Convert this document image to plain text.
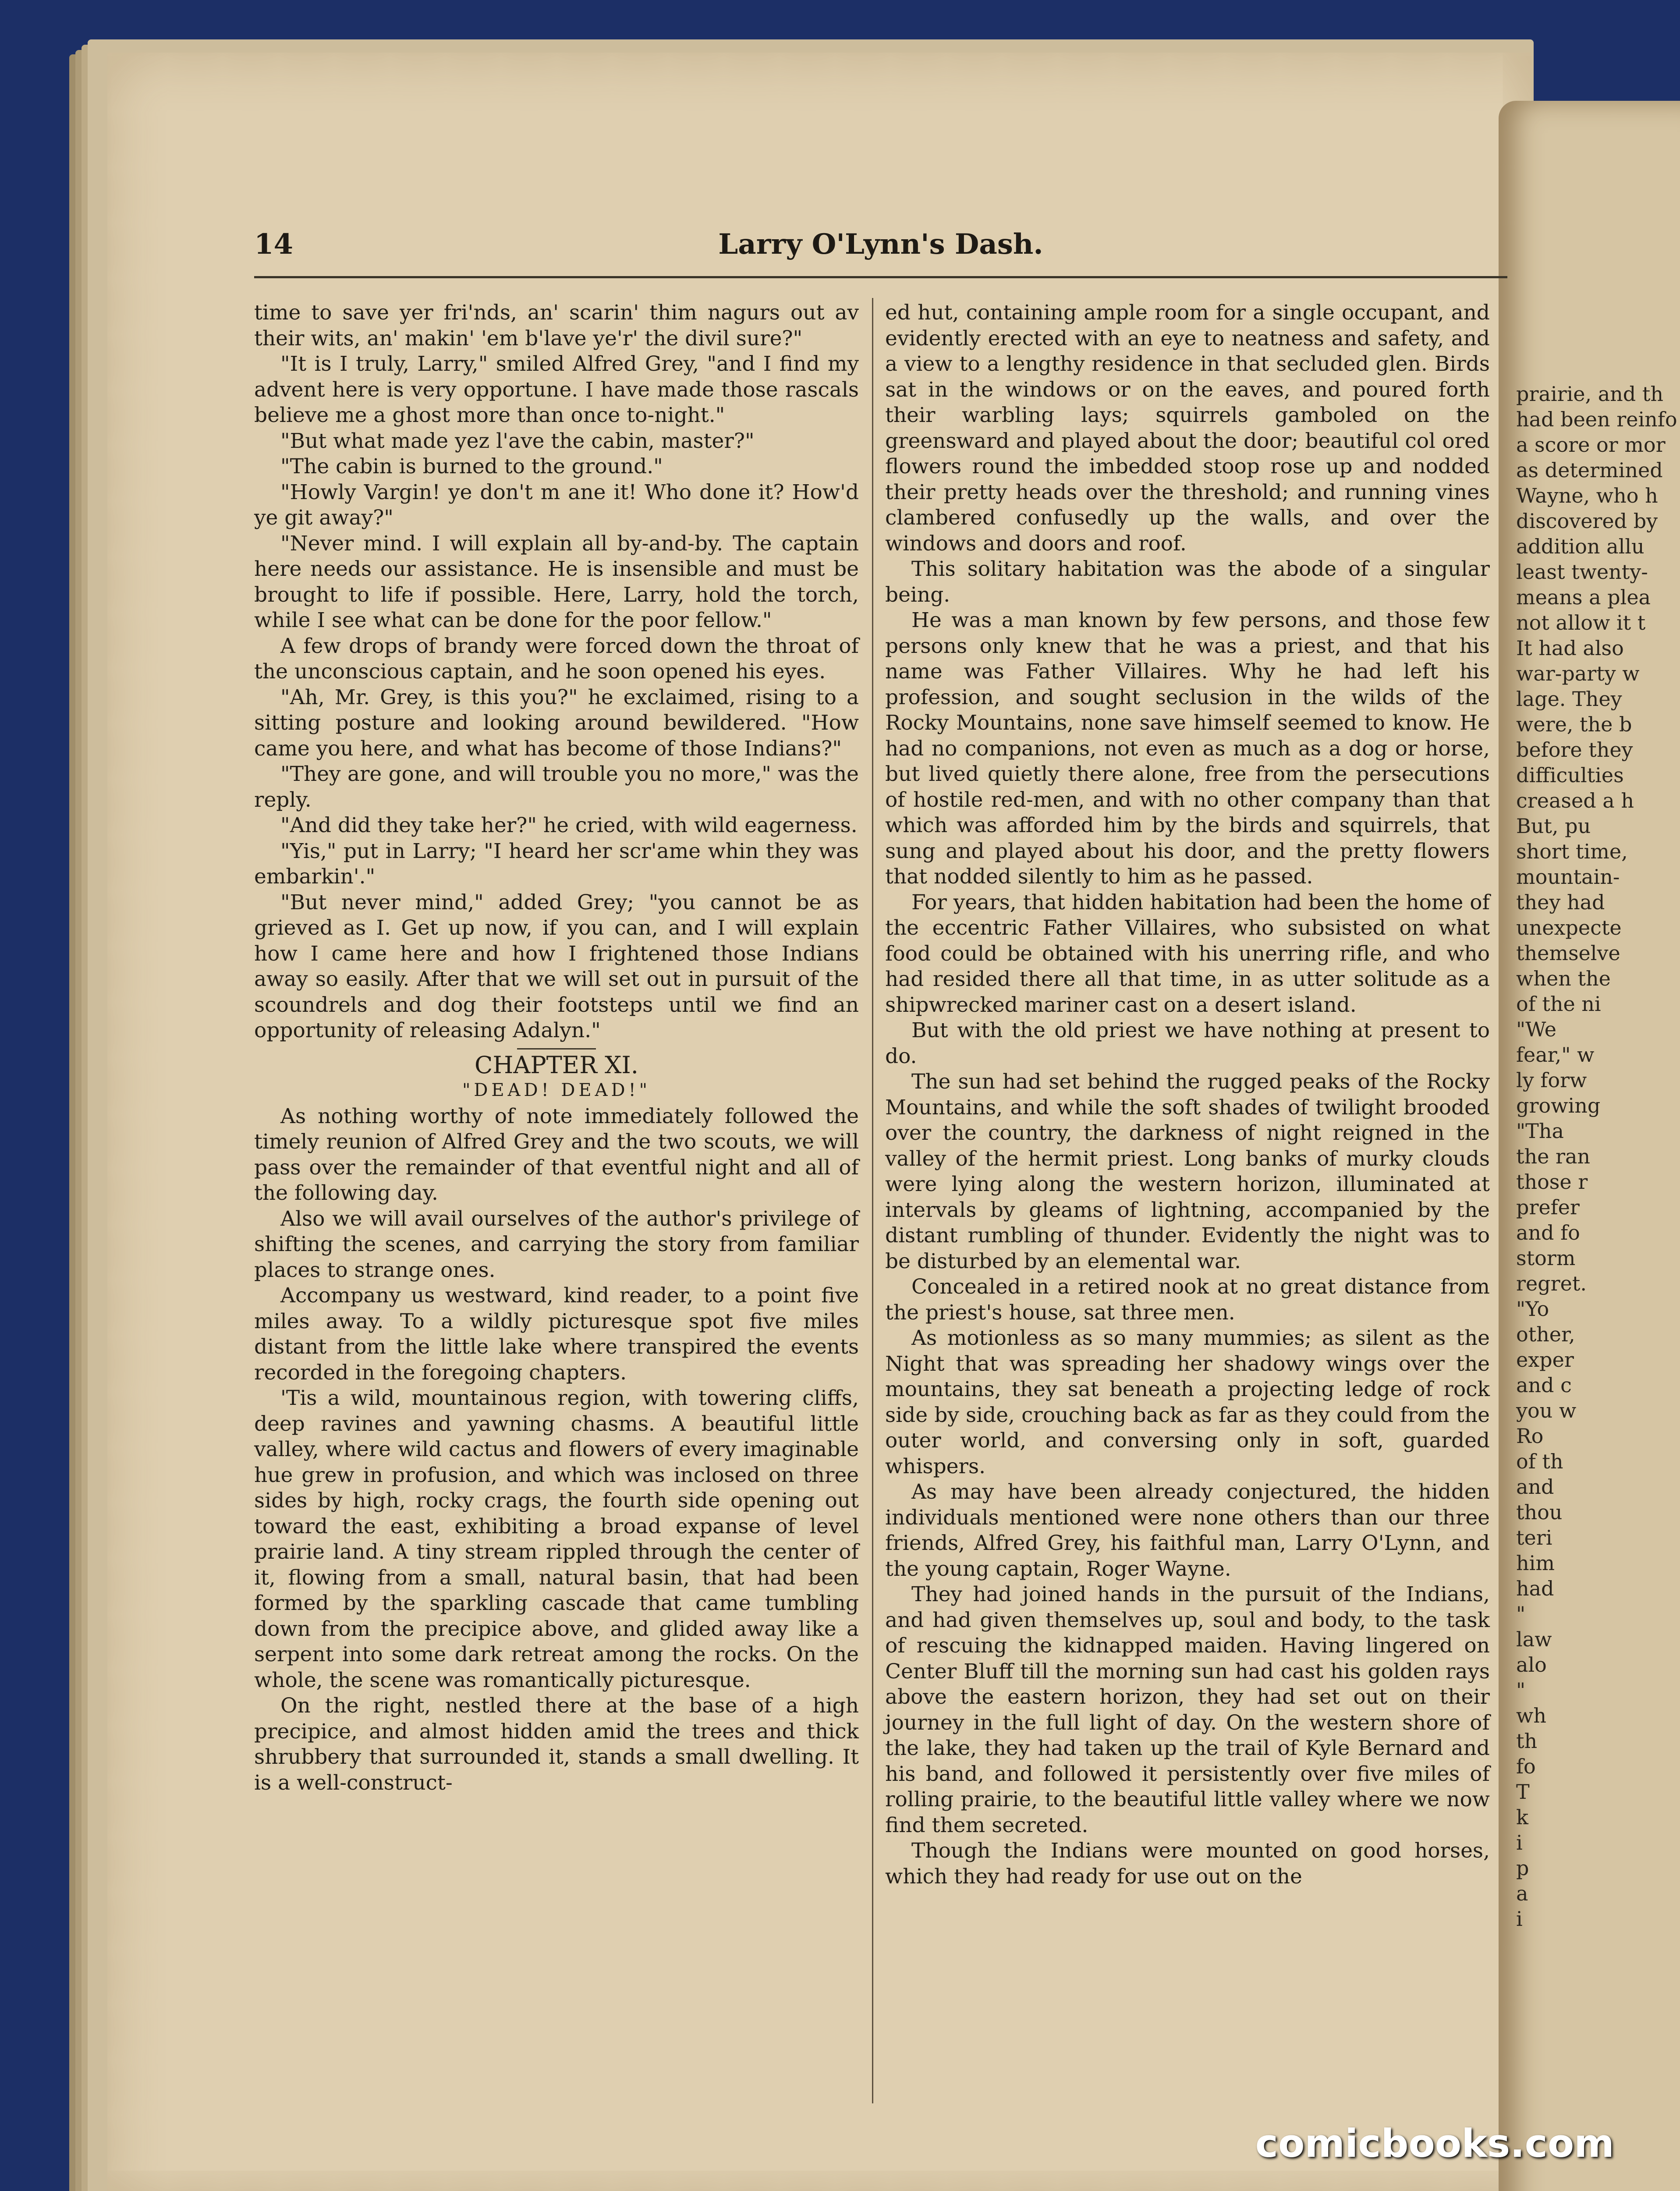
prairie, and th
had been reinfo
a score or mor
as determined
Wayne, who h
discovered by
addition allu
least twenty-
means a plea
not allow it t
It had also
war-party w
lage. They
were, the b
before they
difficulties
creased a h
But, pu
short time,
mountain-
they had
unexpecte
themselve
when the
of the ni
"We
fear," w
ly forw
growing
"Tha
the ran
those r
prefer
and fo
storm
regret.
"Yo
other,
exper
and c
you w
Ro
of th
and
thou
teri
him
had
"
law
alo
"
wh
th
fo
T
k
i
p
a
i
14	Larry O'Lynn's Dash.

time to save yer fri'nds, an' scarin' thim nagurs out av their wits, an' makin' 'em b'lave ye'r' the divil sure?"

"It is I truly, Larry," smiled Alfred Grey, "and I find my advent here is very opportune. I have made those rascals believe me a ghost more than once to-night."

"But what made yez l'ave the cabin, master?"

"The cabin is burned to the ground."

"Howly Vargin! ye don't m ane it! Who done it? How'd ye git away?"

"Never mind. I will explain all by-and-by. The captain here needs our assistance. He is insensible and must be brought to life if possible. Here, Larry, hold the torch, while I see what can be done for the poor fellow."

A few drops of brandy were forced down the throat of the unconscious captain, and he soon opened his eyes.

"Ah, Mr. Grey, is this you?" he exclaimed, rising to a sitting posture and looking around bewildered. "How came you here, and what has become of those Indians?"

"They are gone, and will trouble you no more," was the reply.

"And did they take her?" he cried, with wild eagerness.

"Yis," put in Larry; "I heard her scr'ame whin they was embarkin'."

"But never mind," added Grey; "you cannot be as grieved as I. Get up now, if you can, and I will explain how I came here and how I frightened those Indians away so easily. After that we will set out in pursuit of the scoundrels and dog their footsteps until we find an opportunity of releasing Adalyn."

CHAPTER XI.
"DEAD! DEAD!"

As nothing worthy of note immediately followed the timely reunion of Alfred Grey and the two scouts, we will pass over the remainder of that eventful night and all of the following day.

Also we will avail ourselves of the author's privilege of shifting the scenes, and carrying the story from familiar places to strange ones.

Accompany us westward, kind reader, to a point five miles away. To a wildly picturesque spot five miles distant from the little lake where transpired the events recorded in the foregoing chapters.

'Tis a wild, mountainous region, with towering cliffs, deep ravines and yawning chasms. A beautiful little valley, where wild cactus and flowers of every imaginable hue grew in profusion, and which was inclosed on three sides by high, rocky crags, the fourth side opening out toward the east, exhibiting a broad expanse of level prairie land. A tiny stream rippled through the center of it, flowing from a small, natural basin, that had been formed by the sparkling cascade that came tumbling down from the precipice above, and glided away like a serpent into some dark retreat among the rocks. On the whole, the scene was romantically picturesque.

On the right, nestled there at the base of a high precipice, and almost hidden amid the trees and thick shrubbery that surrounded it, stands a small dwelling. It is a well-construct-

ed hut, containing ample room for a single occupant, and evidently erected with an eye to neatness and safety, and a view to a lengthy residence in that secluded glen. Birds sat in the windows or on the eaves, and poured forth their warbling lays; squirrels gamboled on the greensward and played about the door; beautiful col ored flowers round the imbedded stoop rose up and nodded their pretty heads over the threshold; and running vines clambered confusedly up the walls, and over the windows and doors and roof.

This solitary habitation was the abode of a singular being.

He was a man known by few persons, and those few persons only knew that he was a priest, and that his name was Father Villaires. Why he had left his profession, and sought seclusion in the wilds of the Rocky Mountains, none save himself seemed to know. He had no companions, not even as much as a dog or horse, but lived quietly there alone, free from the persecutions of hostile red-men, and with no other company than that which was afforded him by the birds and squirrels, that sung and played about his door, and the pretty flowers that nodded silently to him as he passed.

For years, that hidden habitation had been the home of the eccentric Father Villaires, who subsisted on what food could be obtained with his unerring rifle, and who had resided there all that time, in as utter solitude as a shipwrecked mariner cast on a desert island.

But with the old priest we have nothing at present to do.

The sun had set behind the rugged peaks of the Rocky Mountains, and while the soft shades of twilight brooded over the country, the darkness of night reigned in the valley of the hermit priest. Long banks of murky clouds were lying along the western horizon, illuminated at intervals by gleams of lightning, accompanied by the distant rumbling of thunder. Evidently the night was to be disturbed by an elemental war.

Concealed in a retired nook at no great distance from the priest's house, sat three men.

As motionless as so many mummies; as silent as the Night that was spreading her shadowy wings over the mountains, they sat beneath a projecting ledge of rock side by side, crouching back as far as they could from the outer world, and conversing only in soft, guarded whispers.

As may have been already conjectured, the hidden individuals mentioned were none others than our three friends, Alfred Grey, his faithful man, Larry O'Lynn, and the young captain, Roger Wayne.

They had joined hands in the pursuit of the Indians, and had given themselves up, soul and body, to the task of rescuing the kidnapped maiden. Having lingered on Center Bluff till the morning sun had cast his golden rays above the eastern horizon, they had set out on their journey in the full light of day. On the western shore of the lake, they had taken up the trail of Kyle Bernard and his band, and followed it persistently over five miles of rolling prairie, to the beautiful little valley where we now find them secreted.

Though the Indians were mounted on good horses, which they had ready for use out on the

comicbooks.com
